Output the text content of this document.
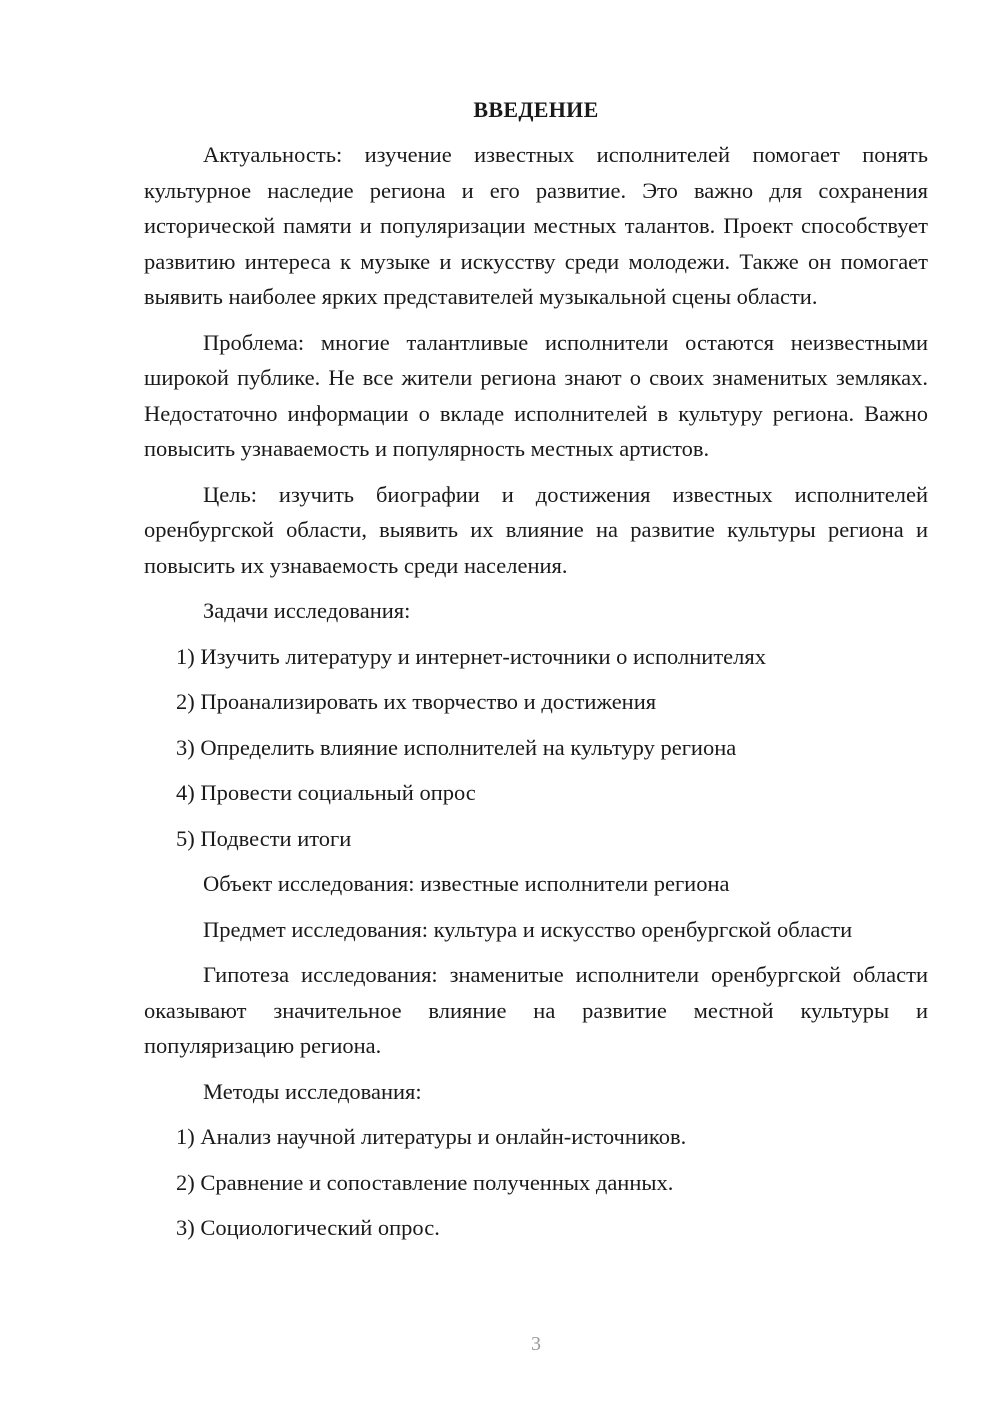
ВВЕДЕНИЕ

Актуальность: изучение известных исполнителей помогает понять культурное наследие региона и его развитие. Это важно для сохранения исторической памяти и популяризации местных талантов. Проект способствует развитию интереса к музыке и искусству среди молодежи. Также он помогает выявить наиболее ярких представителей музыкальной сцены области.

Проблема: многие талантливые исполнители остаются неизвестными широкой публике. Не все жители региона знают о своих знаменитых земляках. Недостаточно информации о вкладе исполнителей в культуру региона. Важно повысить узнаваемость и популярность местных артистов.

Цель: изучить биографии и достижения известных исполнителей оренбургской области, выявить их влияние на развитие культуры региона и повысить их узнаваемость среди населения.

Задачи исследования:
1) Изучить литературу и интернет-источники о исполнителях
2) Проанализировать их творчество и достижения
3) Определить влияние исполнителей на культуру региона
4) Провести социальный опрос
5) Подвести итоги
Объект исследования: известные исполнители региона
Предмет исследования: культура и искусство оренбургской области

Гипотеза исследования: знаменитые исполнители оренбургской области оказывают значительное влияние на развитие местной культуры и популяризацию региона.

Методы исследования:
1) Анализ научной литературы и онлайн-источников.
2) Сравнение и сопоставление полученных данных.
3) Социологический опрос.
3
